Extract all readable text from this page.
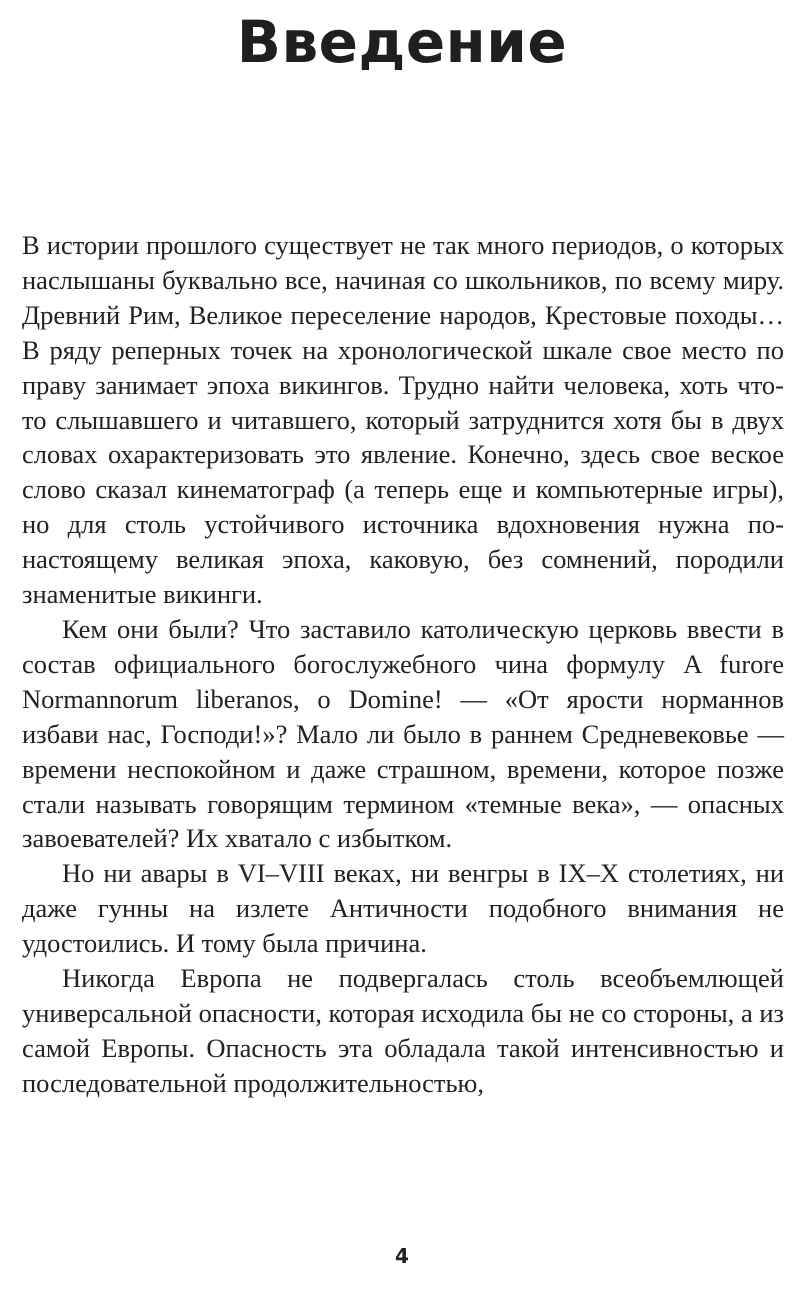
Введение

В истории прошлого существует не так много периодов, о которых наслышаны буквально все, начиная со школьников, по всему миру. Древний Рим, Великое переселение народов, Крестовые походы… В ряду реперных точек на хронологической шкале свое место по праву занимает эпоха викингов. Трудно найти человека, хоть что-то слышавшего и читавшего, который затруднится хотя бы в двух словах охарактеризовать это явление. Конечно, здесь свое веское слово сказал кинематограф (а теперь еще и компьютерные игры), но для столь устойчивого источника вдохновения нужна по-настоящему великая эпоха, каковую, без сомнений, породили знаменитые викинги.

Кем они были? Что заставило католическую церковь ввести в состав официального богослужебного чина формулу A furore Normannorum liberanos, o Domine! — «От ярости норманнов избави нас, Господи!»? Мало ли было в раннем Средневековье — времени неспокойном и даже страшном, времени, которое позже стали называть говорящим термином «темные века», — опасных завоевателей? Их хватало с избытком.

Но ни авары в VI–VIII веках, ни венгры в IX–X столетиях, ни даже гунны на излете Античности подобного внимания не удостоились. И тому была причина.

Никогда Европа не подвергалась столь всеобъемлющей универсальной опасности, которая исходила бы не со стороны, а из самой Европы. Опасность эта обладала такой интенсивностью и последовательной продолжительностью,

4
